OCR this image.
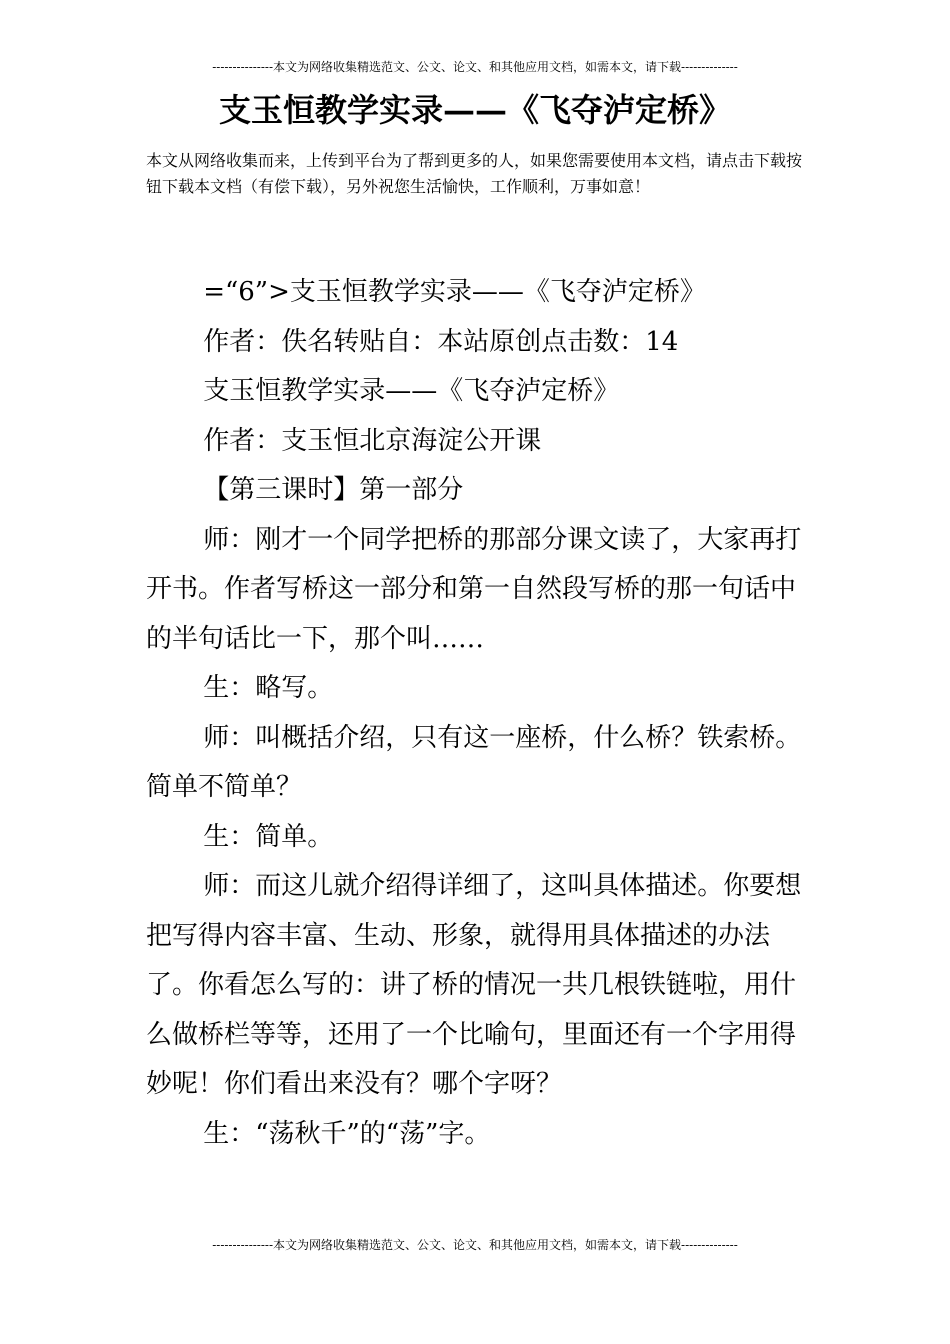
---------------本文为网络收集精选范文、公文、论文、和其他应用文档，如需本文，请下载--------------
支玉恒教学实录——《飞夺泸定桥》
本文从网络收集而来，上传到平台为了帮到更多的人，如果您需要使用本文档，请点击下载按钮下载本文档（有偿下载），另外祝您生活愉快，工作顺利，万事如意！

=“6”>支玉恒教学实录——《飞夺泸定桥》

作者：佚名转贴自：本站原创点击数：14

支玉恒教学实录——《飞夺泸定桥》

作者：支玉恒北京海淀公开课

【第三课时】第一部分

师：刚才一个同学把桥的那部分课文读了，大家再打开书。作者写桥这一部分和第一自然段写桥的那一句话中的半句话比一下，那个叫……

生：略写。

师：叫概括介绍，只有这一座桥，什么桥？铁索桥。简单不简单？

生：简单。

师：而这儿就介绍得详细了，这叫具体描述。你要想把写得内容丰富、生动、形象，就得用具体描述的办法了。你看怎么写的：讲了桥的情况一共几根铁链啦，用什么做桥栏等等，还用了一个比喻句，里面还有一个字用得妙呢！你们看出来没有？哪个字呀？

生：“荡秋千”的“荡”字。

---------------本文为网络收集精选范文、公文、论文、和其他应用文档，如需本文，请下载--------------
